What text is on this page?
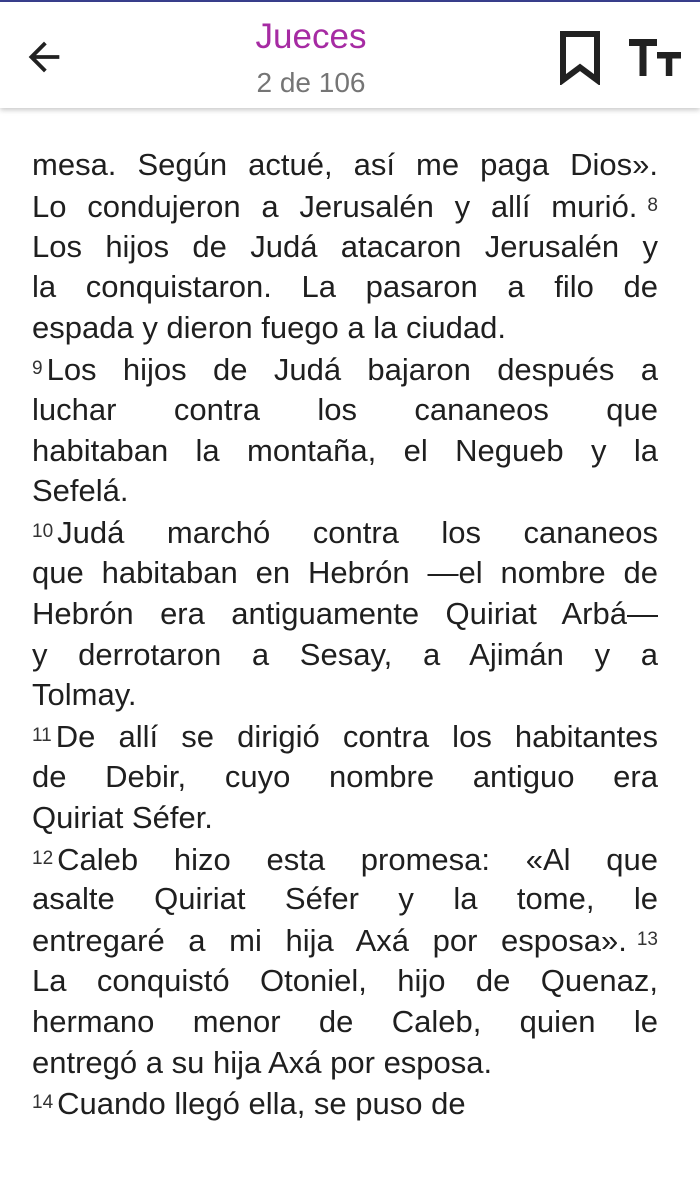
Jueces
2 de 106
mesa. Según actué, así me paga Dios».
Lo condujeron a Jerusalén y allí murió. 8
Los hijos de Judá atacaron Jerusalén y
la conquistaron. La pasaron a filo de
espada y dieron fuego a la ciudad.
9 Los hijos de Judá bajaron después a
luchar contra los cananeos que
habitaban la montaña, el Negueb y la
Sefelá.
10 Judá marchó contra los cananeos
que habitaban en Hebrón —el nombre de
Hebrón era antiguamente Quiriat Arbá—
y derrotaron a Sesay, a Ajimán y a
Tolmay.
11 De allí se dirigió contra los habitantes
de Debir, cuyo nombre antiguo era
Quiriat Séfer.
12 Caleb hizo esta promesa: «Al que
asalte Quiriat Séfer y la tome, le
entregaré a mi hija Axá por esposa». 13
La conquistó Otoniel, hijo de Quenaz,
hermano menor de Caleb, quien le
entregó a su hija Axá por esposa.
14 Cuando llegó ella, se puso de
